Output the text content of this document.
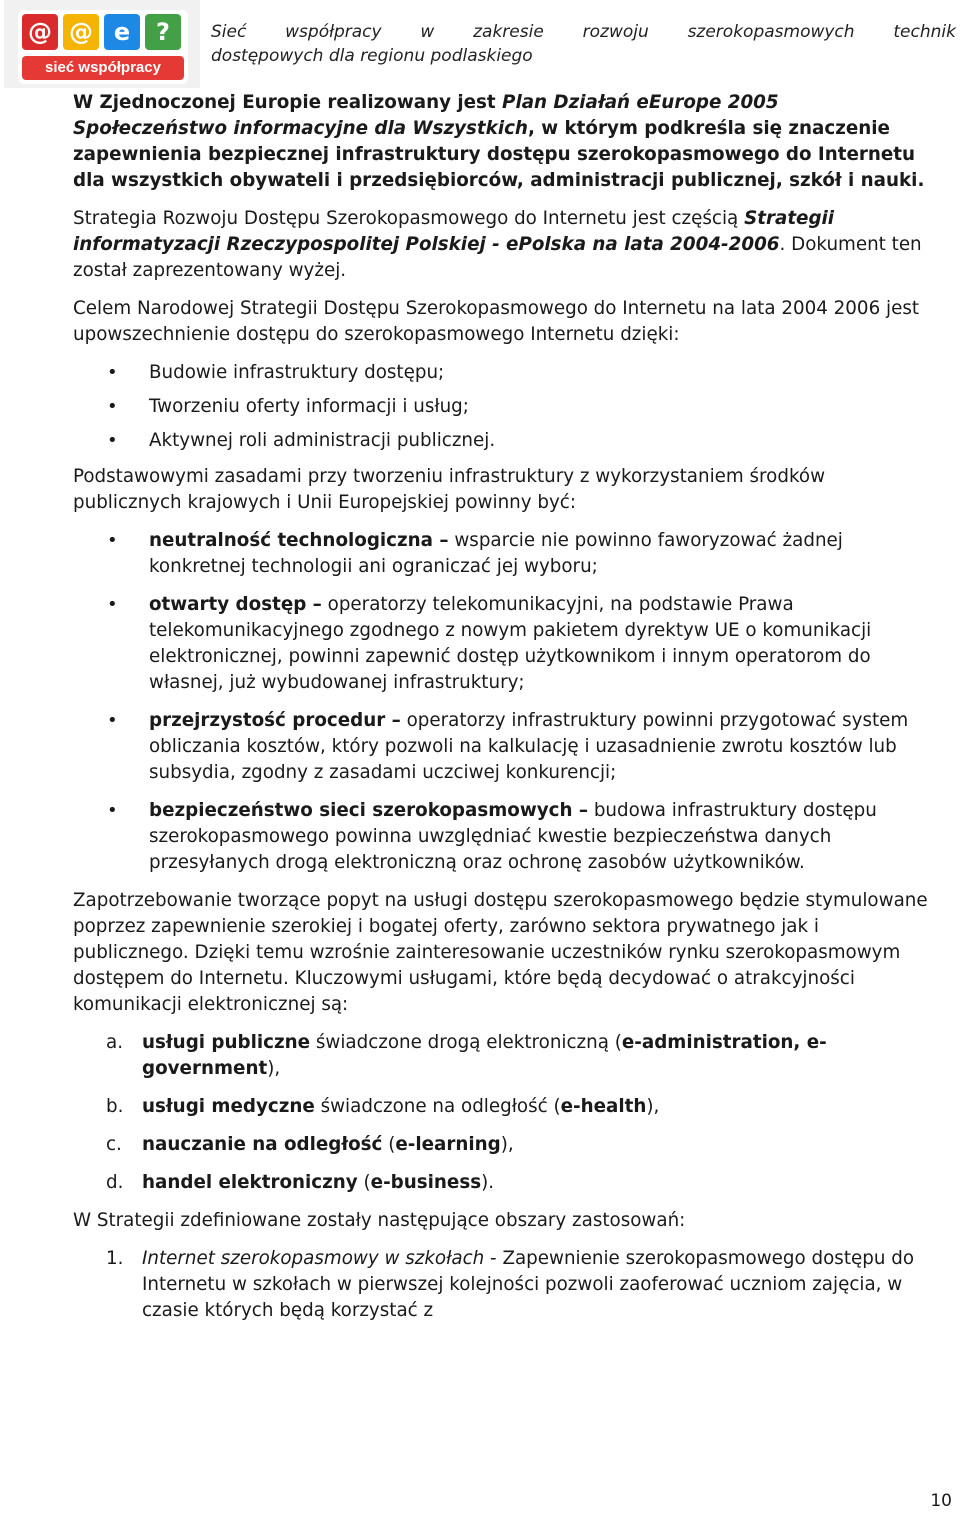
@ @ e	?
sieć współpracy
Sieć współpracy w zakresie rozwoju szerokopasmowych technik
dostępowych dla regionu podlaskiego

W Zjednoczonej Europie realizowany jest Plan Działań eEurope 2005 Społeczeństwo informacyjne dla Wszystkich, w którym podkreśla się znaczenie zapewnienia bezpiecznej infrastruktury dostępu szerokopasmowego do Internetu dla wszystkich obywateli i przedsiębiorców, administracji publicznej, szkół i nauki.

Strategia Rozwoju Dostępu Szerokopasmowego do Internetu jest częścią Strategii informatyzacji Rzeczypospolitej Polskiej - ePolska na lata 2004-2006. Dokument ten został zaprezentowany wyżej.

Celem Narodowej Strategii Dostępu Szerokopasmowego do Internetu na lata 2004 2006 jest upowszechnienie dostępu do szerokopasmowego Internetu dzięki:

• Budowie infrastruktury dostępu;
• Tworzeniu oferty informacji i usług;
• Aktywnej roli administracji publicznej.

Podstawowymi zasadami przy tworzeniu infrastruktury z wykorzystaniem środków publicznych krajowych i Unii Europejskiej powinny być:

• neutralność technologiczna – wsparcie nie powinno faworyzować żadnej konkretnej technologii ani ograniczać jej wyboru;
• otwarty dostęp – operatorzy telekomunikacyjni, na podstawie Prawa telekomunikacyjnego zgodnego z nowym pakietem dyrektyw UE o komunikacji elektronicznej, powinni zapewnić dostęp użytkownikom i innym operatorom do własnej, już wybudowanej infrastruktury;
• przejrzystość procedur – operatorzy infrastruktury powinni przygotować system obliczania kosztów, który pozwoli na kalkulację i uzasadnienie zwrotu kosztów lub subsydia, zgodny z zasadami uczciwej konkurencji;
• bezpieczeństwo sieci szerokopasmowych – budowa infrastruktury dostępu szerokopasmowego powinna uwzględniać kwestie bezpieczeństwa danych przesyłanych drogą elektroniczną oraz ochronę zasobów użytkowników.

Zapotrzebowanie tworzące popyt na usługi dostępu szerokopasmowego będzie stymulowane poprzez zapewnienie szerokiej i bogatej oferty, zarówno sektora prywatnego jak i publicznego. Dzięki temu wzrośnie zainteresowanie uczestników rynku szerokopasmowym dostępem do Internetu. Kluczowymi usługami, które będą decydować o atrakcyjności komunikacji elektronicznej są:

a. usługi publiczne świadczone drogą elektroniczną (e-administration, e-government),
b. usługi medyczne świadczone na odległość (e-health),
c. nauczanie na odległość (e-learning),
d. handel elektroniczny (e-business).

W Strategii zdefiniowane zostały następujące obszary zastosowań:

1. Internet szerokopasmowy w szkołach - Zapewnienie szerokopasmowego dostępu do Internetu w szkołach w pierwszej kolejności pozwoli zaoferować uczniom zajęcia, w czasie których będą korzystać z
10
